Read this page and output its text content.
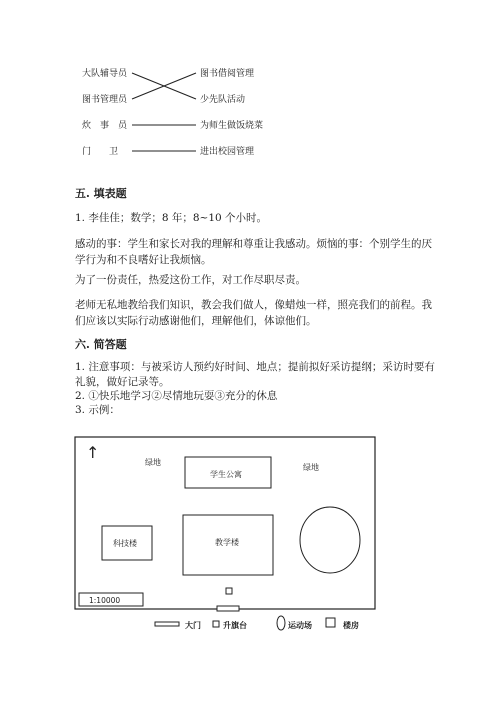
大队辅导员
图书管理员
炊　事　员
门　　卫
图书借阅管理
少先队活动
为师生做饭烧菜
进出校园管理
五. 填表题
1. 李佳佳；数学；8 年；8~10 个小时。
感动的事：学生和家长对我的理解和尊重让我感动。烦恼的事：个别学生的厌
学行为和不良嗜好让我烦恼。
为了一份责任，热爱这份工作，对工作尽职尽责。
老师无私地教给我们知识，教会我们做人，像蜡烛一样，照亮我们的前程。我
们应该以实际行动感谢他们，理解他们，体谅他们。
六. 简答题
1. 注意事项：与被采访人预约好时间、地点；提前拟好采访提纲；采访时要有
礼貌，做好记录等。
2. ①快乐地学习②尽情地玩耍③充分的休息
3. 示例：
↑
绿地
学生公寓
绿地
科技楼	教学楼
1:10000
大门	升旗台	运动场	楼房
